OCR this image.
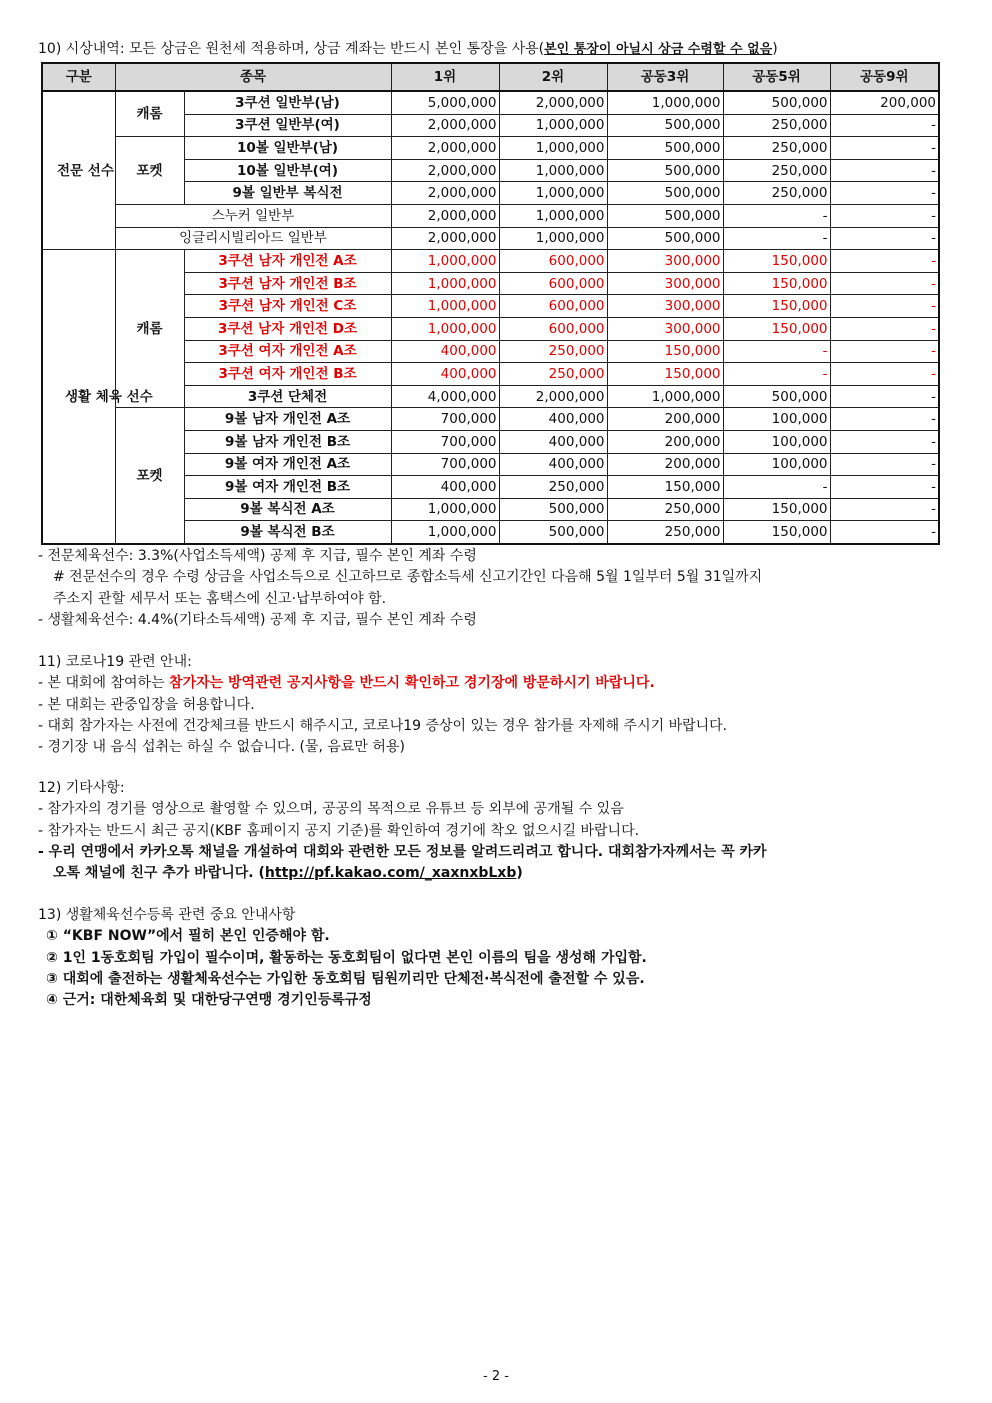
10) 시상내역: 모든 상금은 원천세 적용하며, 상금 계좌는 반드시 본인 통장을 사용(본인 통장이 아닐시 상금 수령할 수 없음)
구분	종목		1위	2위	공동3위	공동5위	공동9위
전문 선수	캐롬	3쿠션 일반부(남)	5,000,000	2,000,000	1,000,000	500,000	200,000
		3쿠션 일반부(여)	2,000,000	1,000,000	500,000	250,000	-
	포켓	10볼 일반부(남)	2,000,000	1,000,000	500,000	250,000	-
		10볼 일반부(여)	2,000,000	1,000,000	500,000	250,000	-
		9볼 일반부 복식전	2,000,000	1,000,000	500,000	250,000	-
	스누커 일반부		2,000,000	1,000,000	500,000	-	-
	잉글리시빌리아드 일반부		2,000,000	1,000,000	500,000	-	-
생활 체육 선수	캐롬	3쿠션 남자 개인전 A조	1,000,000	600,000	300,000	150,000	-
		3쿠션 남자 개인전 B조	1,000,000	600,000	300,000	150,000	-
		3쿠션 남자 개인전 C조	1,000,000	600,000	300,000	150,000	-
		3쿠션 남자 개인전 D조	1,000,000	600,000	300,000	150,000	-
		3쿠션 여자 개인전 A조	400,000	250,000	150,000	-	-
		3쿠션 여자 개인전 B조	400,000	250,000	150,000	-	-
		3쿠션 단체전	4,000,000	2,000,000	1,000,000	500,000	-
	포켓	9볼 남자 개인전 A조	700,000	400,000	200,000	100,000	-
		9볼 남자 개인전 B조	700,000	400,000	200,000	100,000	-
		9볼 여자 개인전 A조	700,000	400,000	200,000	100,000	-
		9볼 여자 개인전 B조	400,000	250,000	150,000	-	-
		9볼 복식전 A조	1,000,000	500,000	250,000	150,000	-
		9볼 복식전 B조	1,000,000	500,000	250,000	150,000	-
- 전문체육선수: 3.3%(사업소득세액) 공제 후 지급, 필수 본인 계좌 수령
# 전문선수의 경우 수령 상금을 사업소득으로 신고하므로 종합소득세 신고기간인 다음해 5월 1일부터 5월 31일까지
주소지 관할 세무서 또는 홈택스에 신고·납부하여야 함.
- 생활체육선수: 4.4%(기타소득세액) 공제 후 지급, 필수 본인 계좌 수령
11) 코로나19 관련 안내:
- 본 대회에 참여하는 참가자는 방역관련 공지사항을 반드시 확인하고 경기장에 방문하시기 바랍니다.
- 본 대회는 관중입장을 허용합니다.
- 대회 참가자는 사전에 건강체크를 반드시 해주시고, 코로나19 증상이 있는 경우 참가를 자제해 주시기 바랍니다.
- 경기장 내 음식 섭취는 하실 수 없습니다. (물, 음료만 허용)
12) 기타사항:
- 참가자의 경기를 영상으로 촬영할 수 있으며, 공공의 목적으로 유튜브 등 외부에 공개될 수 있음
- 참가자는 반드시 최근 공지(KBF 홈페이지 공지 기준)를 확인하여 경기에 착오 없으시길 바랍니다.
- 우리 연맹에서 카카오톡 채널을 개설하여 대회와 관련한 모든 정보를 알려드리려고 합니다. 대회참가자께서는 꼭 카카
오톡 채널에 친구 추가 바랍니다. (http://pf.kakao.com/_xaxnxbLxb)
13) 생활체육선수등록 관련 중요 안내사항
① “KBF NOW”에서 필히 본인 인증해야 함.
② 1인 1동호회팀 가입이 필수이며, 활동하는 동호회팀이 없다면 본인 이름의 팀을 생성해 가입함.
③ 대회에 출전하는 생활체육선수는 가입한 동호회팀 팀원끼리만 단체전·복식전에 출전할 수 있음.
④ 근거: 대한체육회 및 대한당구연맹 경기인등록규정
- 2 -
